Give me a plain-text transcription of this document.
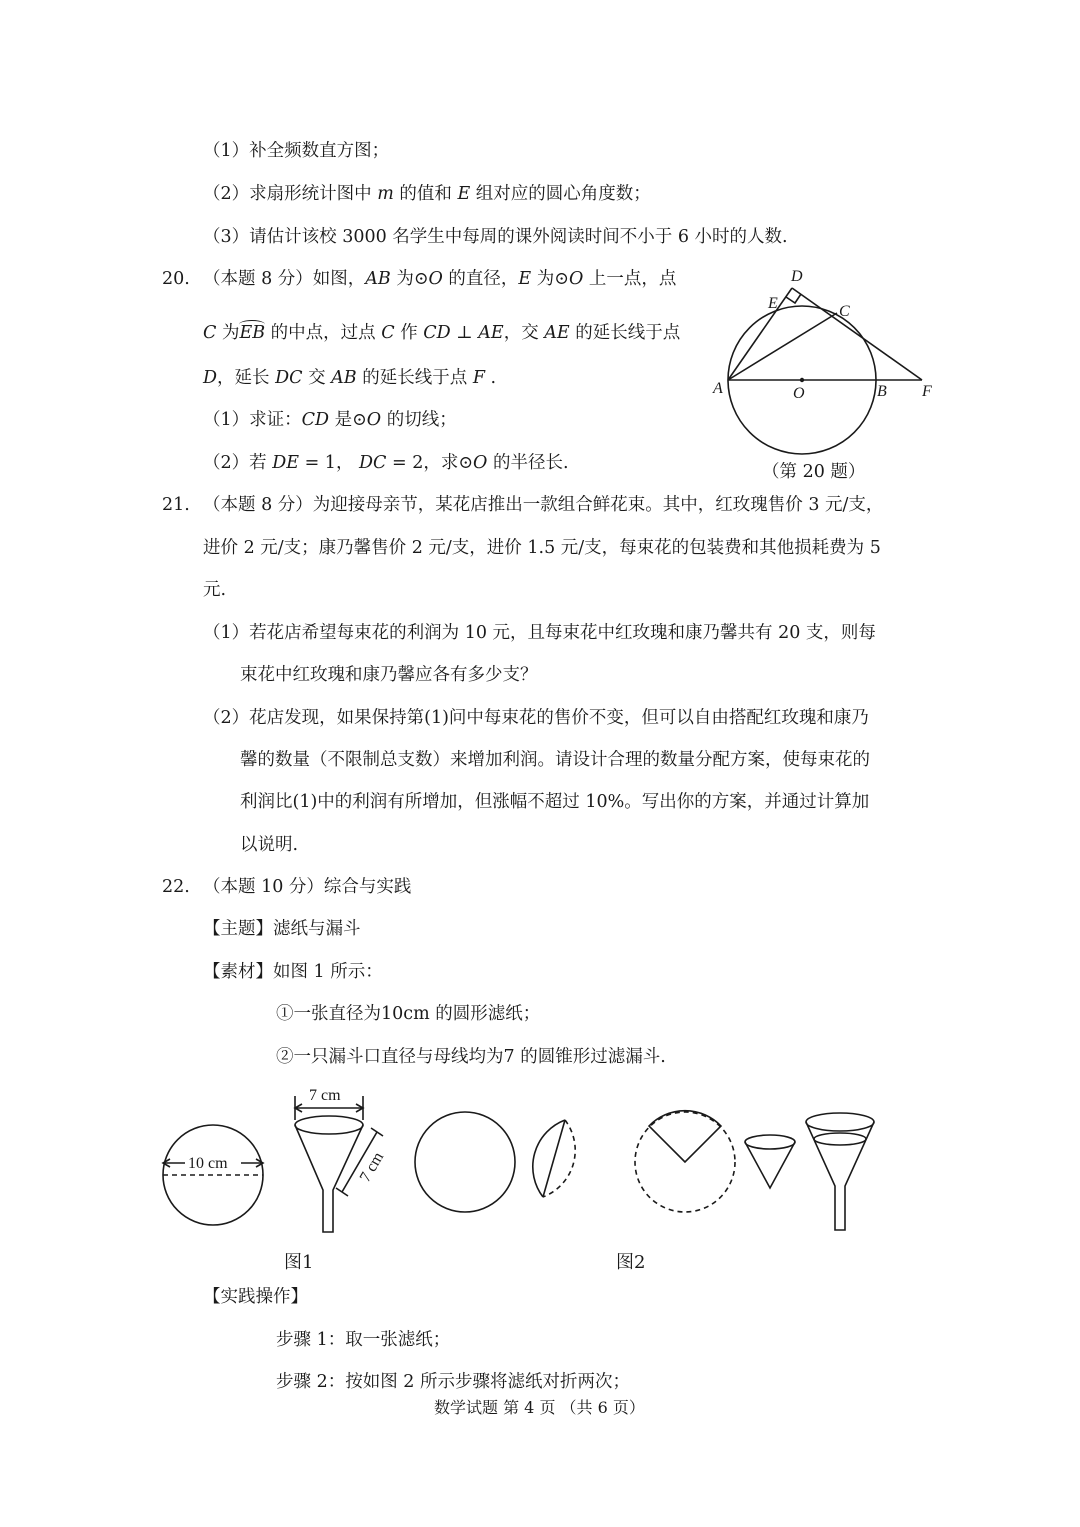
（1）补全频数直方图；
（2）求扇形统计图中 m 的值和 E 组对应的圆心角度数；
（3）请估计该校 3000 名学生中每周的课外阅读时间不小于 6 小时的人数.
20. （本题 8 分）如图，AB 为⊙O 的直径，E 为⊙O 上一点，点
C 为EB 的中点，过点 C 作 CD ⊥ AE，交 AE 的延长线于点
D，延长 DC 交 AB 的延长线于点 F .
（1）求证：CD 是⊙O 的切线；
（2）若 DE = 1， DC = 2，求⊙O 的半径长.
D
E	C
A	O	B F
（第 20 题）
21. （本题 8 分）为迎接母亲节，某花店推出一款组合鲜花束。其中，红玫瑰售价 3 元/支，
进价 2 元/支；康乃馨售价 2 元/支，进价 1.5 元/支，每束花的包装费和其他损耗费为 5
元.
（1）若花店希望每束花的利润为 10 元，且每束花中红玫瑰和康乃馨共有 20 支，则每
束花中红玫瑰和康乃馨应各有多少支？
（2）花店发现，如果保持第(1)问中每束花的售价不变，但可以自由搭配红玫瑰和康乃
馨的数量（不限制总支数）来增加利润。请设计合理的数量分配方案，使每束花的
利润比(1)中的利润有所增加，但涨幅不超过 10%。写出你的方案，并通过计算加
以说明.
22. （本题 10 分）综合与实践
【主题】滤纸与漏斗
【素材】如图 1 所示：
①一张直径为10cm 的圆形滤纸；
②一只漏斗口直径与母线均为7 的圆锥形过滤漏斗.
10 cm
7 cm
7 cm
图1	图2
【实践操作】
步骤 1：取一张滤纸；
步骤 2：按如图 2 所示步骤将滤纸对折两次；
数学试题 第 4 页 （共 6 页）
